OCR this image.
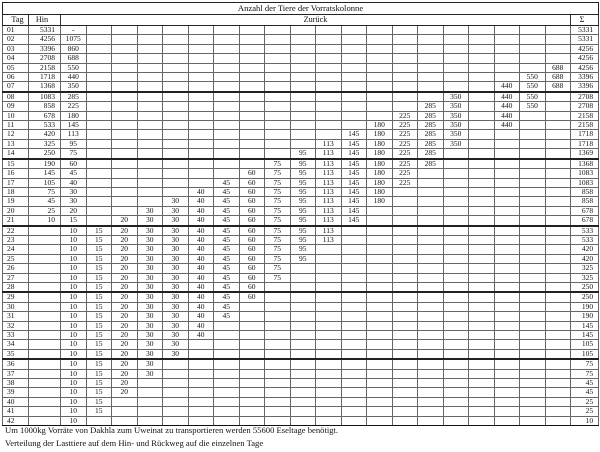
Anzahl der Tiere der Vorratskolonne																						
Tag	Hin	Zurück																				Σ
01	5331	-																				5331
02	4256	1075																				5331
03	3396	860																				4256
04	2708	688																				4256
05	2158	550																			688	4256
06	1718	440																		550	688	3396
07	1368	350																	440	550	688	3396
08	1083	285															350		440	550		2708
09	858	225														285	350		440	550		2708
10	678	180													225	285	350		440			2158
11	533	145												180	225	285	350		440			2158
12	420	113											145	180	225	285	350					1718
13	325	95										113	145	180	225	285	350					1718
14	250	75									95	113	145	180	225	285						1369
15	190	60								75	95	113	145	180	225	285						1368
16	145	45							60	75	95	113	145	180	225							1083
17	105	40						45	60	75	95	113	145	180	225							1083
18	75	30					40	45	60	75	95	113	145	180								858
19	45	30				30	40	45	60	75	95	113	145	180								858
20	25	20			30	30	40	45	60	75	95	113	145									678
21	10	15		20	30	30	40	45	60	75	95	113	145									678
22		10	15	20	30	30	40	45	60	75	95	113										533
23		10	15	20	30	30	40	45	60	75	95	113										533
24		10	15	20	30	30	40	45	60	75	95											420
25		10	15	20	30	30	40	45	60	75	95											420
26		10	15	20	30	30	40	45	60	75												325
27		10	15	20	30	30	40	45	60	75												325
28		10	15	20	30	30	40	45	60													250
29		10	15	20	30	30	40	45	60													250
30		10	15	20	30	30	40	45														190
31		10	15	20	30	30	40	45														190
32		10	15	20	30	30	40															145
33		10	15	20	30	30	40															145
34		10	15	20	30	30																105
35		10	15	20	30	30																105
36		10	15	20	30																	75
37		10	15	20	30																	75
38		10	15	20																		45
39		10	15	20																		45
40		10	15																			25
41		10	15																			25
42		10																				10
Um 1000kg Vorräte von Dakhla zum Uweinat zu transportieren werden 55600 Eseltage benötigt.
Verteilung der Lasttiere auf dem Hin- und Rückweg auf die einzelnen Tage
